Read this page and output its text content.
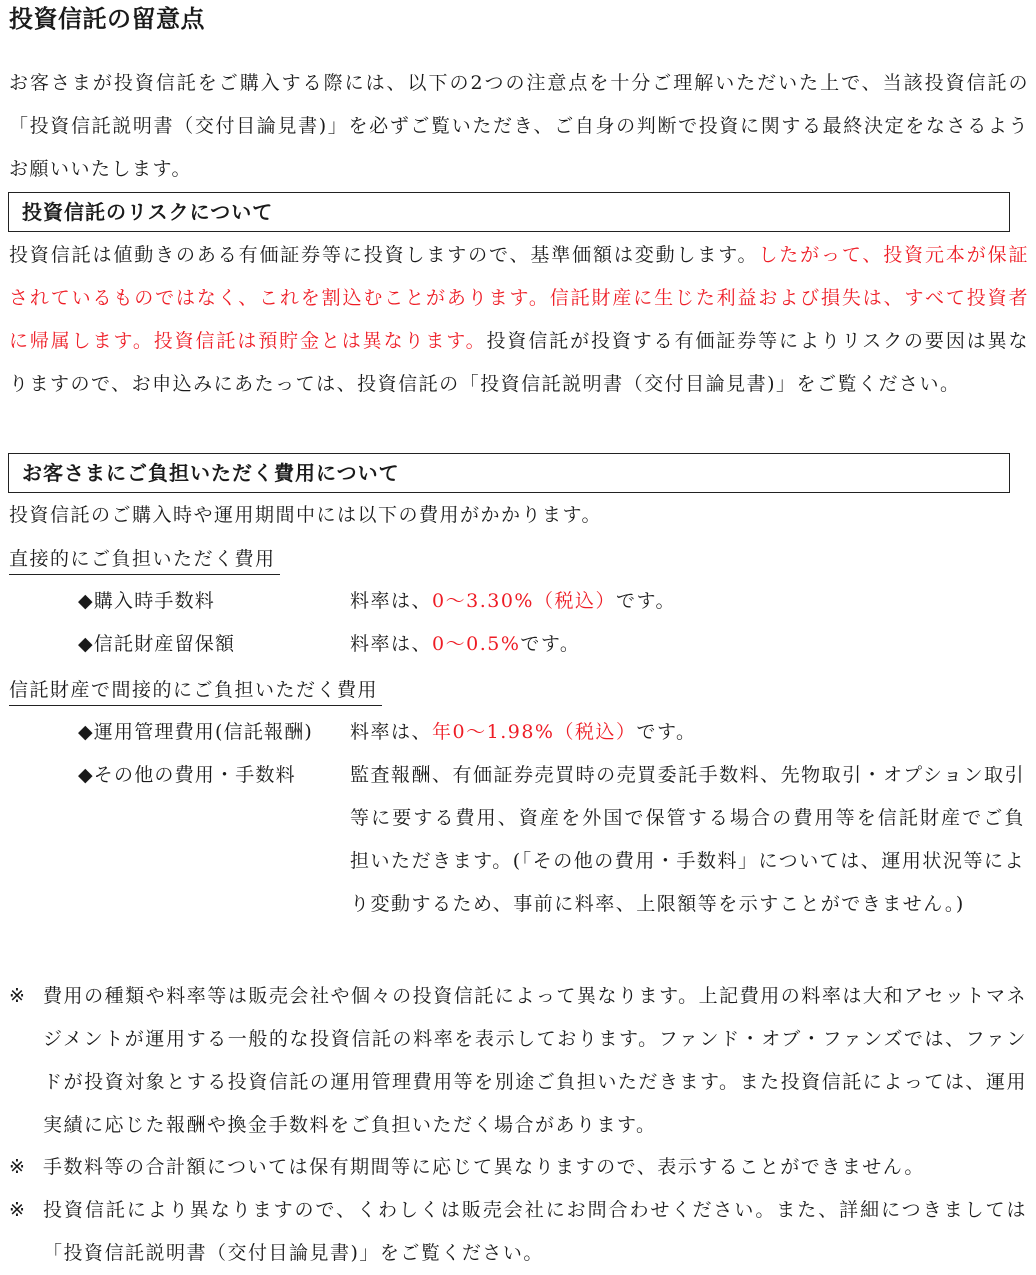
投資信託の留意点

お客さまが投資信託をご購入する際には、以下の2つの注意点を十分ご理解いただいた上で、当該投資信託の「投資信託説明書（交付目論見書)」を必ずご覧いただき、ご自身の判断で投資に関する最終決定をなさるようお願いいたします。

投資信託のリスクについて

投資信託は値動きのある有価証券等に投資しますので、基準価額は変動します。したがって、投資元本が保証されているものではなく、これを割込むことがあります。信託財産に生じた利益および損失は、すべて投資者に帰属します。投資信託は預貯金とは異なります。投資信託が投資する有価証券等によりリスクの要因は異なりますので、お申込みにあたっては、投資信託の「投資信託説明書（交付目論見書)」をご覧ください。

お客さまにご負担いただく費用について

投資信託のご購入時や運用期間中には以下の費用がかかります。

直接的にご負担いただく費用
◆購入時手数料	料率は、0～3.30%（税込）です。
◆信託財産留保額	料率は、0～0.5%です。
信託財産で間接的にご負担いただく費用
◆運用管理費用(信託報酬) 料率は、年0～1.98%（税込）です。
◆その他の費用・手数料	監査報酬、有価証券売買時の売買委託手数料、先物取引・オプション取引等に要する費用、資産を外国で保管する場合の費用等を信託財産でご負担いただきます。(「その他の費用・手数料」については、運用状況等により変動するため、事前に料率、上限額等を示すことができません。)
※ 費用の種類や料率等は販売会社や個々の投資信託によって異なります。上記費用の料率は大和アセットマネジメントが運用する一般的な投資信託の料率を表示しております。ファンド・オブ・ファンズでは、ファンドが投資対象とする投資信託の運用管理費用等を別途ご負担いただきます。また投資信託によっては、運用実績に応じた報酬や換金手数料をご負担いただく場合があります。
※ 手数料等の合計額については保有期間等に応じて異なりますので、表示することができません。
※ 投資信託により異なりますので、くわしくは販売会社にお問合わせください。また、詳細につきましては「投資信託説明書（交付目論見書)」をご覧ください。
